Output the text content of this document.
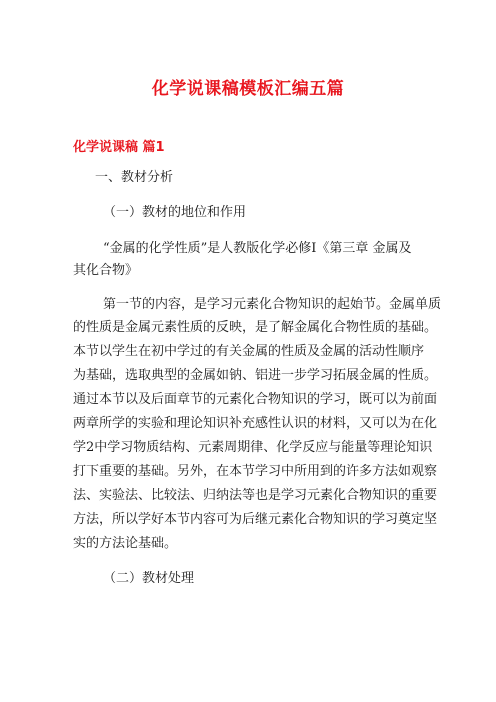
化学说课稿模板汇编五篇
化学说课稿 篇1
一、教材分析
（一）教材的地位和作用
“金属的化学性质”是人教版化学必修Ⅰ《第三章 金属及
其化合物》
第一节的内容，是学习元素化合物知识的起始节。金属单质
的性质是金属元素性质的反映，是了解金属化合物性质的基础。
本节以学生在初中学过的有关金属的性质及金属的活动性顺序
为基础，选取典型的金属如钠、铝进一步学习拓展金属的性质。
通过本节以及后面章节的元素化合物知识的学习，既可以为前面
两章所学的实验和理论知识补充感性认识的材料，又可以为在化
学2中学习物质结构、元素周期律、化学反应与能量等理论知识
打下重要的基础。另外，在本节学习中所用到的许多方法如观察
法、实验法、比较法、归纳法等也是学习元素化合物知识的重要
方法，所以学好本节内容可为后继元素化合物知识的学习奠定坚
实的方法论基础。
（二）教材处理
